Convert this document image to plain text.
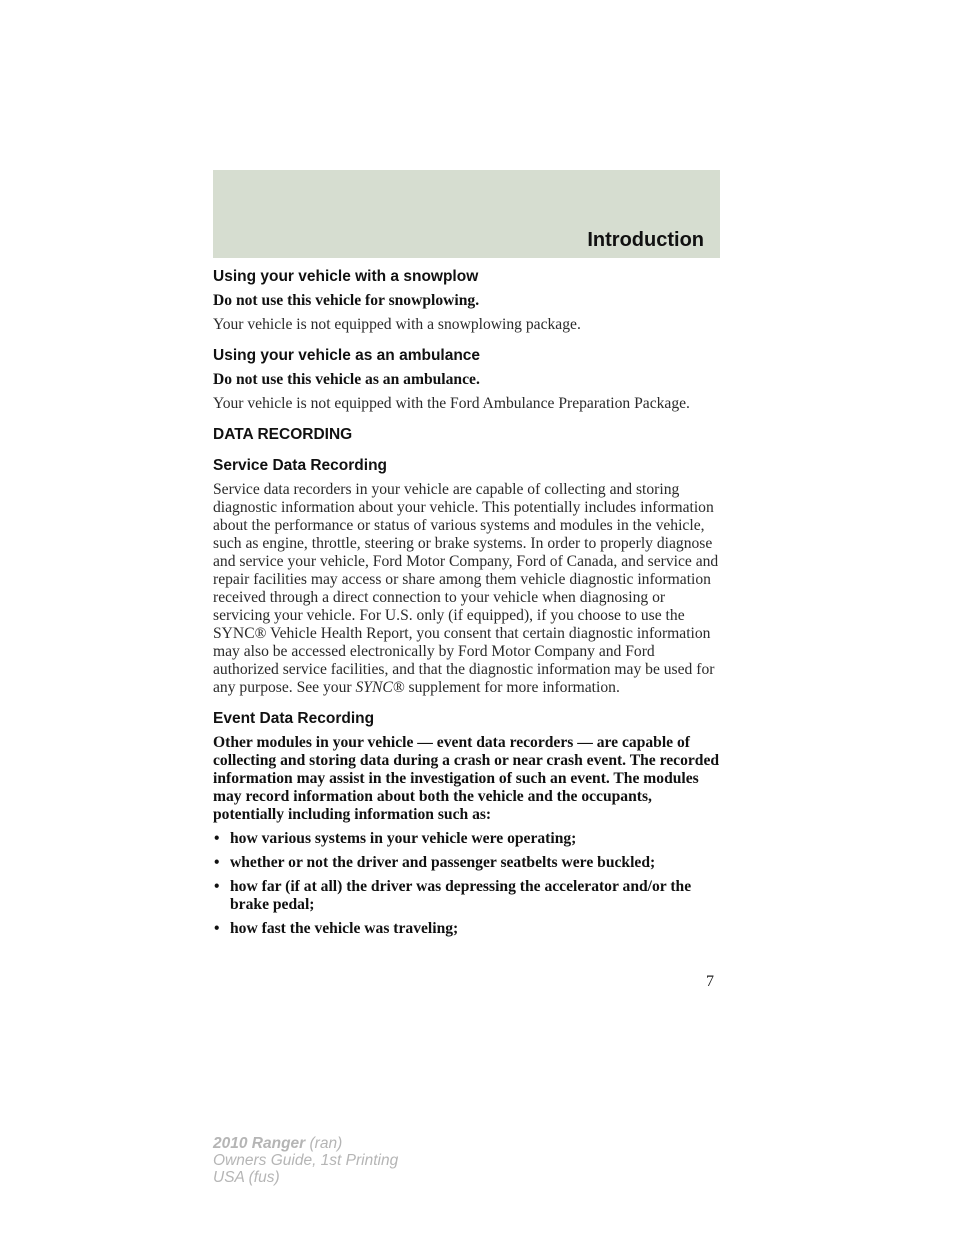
Introduction
Using your vehicle with a snowplow

Do not use this vehicle for snowplowing.

Your vehicle is not equipped with a snowplowing package.

Using your vehicle as an ambulance

Do not use this vehicle as an ambulance.

Your vehicle is not equipped with the Ford Ambulance Preparation Package.

DATA RECORDING
Service Data Recording

Service data recorders in your vehicle are capable of collecting and storing diagnostic information about your vehicle. This potentially includes information about the performance or status of various systems and modules in the vehicle, such as engine, throttle, steering or brake systems. In order to properly diagnose and service your vehicle, Ford Motor Company, Ford of Canada, and service and repair facilities may access or share among them vehicle diagnostic information received through a direct connection to your vehicle when diagnosing or servicing your vehicle. For U.S. only (if equipped), if you choose to use the SYNC® Vehicle Health Report, you consent that certain diagnostic information may also be accessed electronically by Ford Motor Company and Ford authorized service facilities, and that the diagnostic information may be used for any purpose. See your SYNC® supplement for more information.

Event Data Recording

Other modules in your vehicle — event data recorders — are capable of collecting and storing data during a crash or near crash event. The recorded information may assist in the investigation of such an event. The modules may record information about both the vehicle and the occupants, potentially including information such as:

• how various systems in your vehicle were operating;
• whether or not the driver and passenger seatbelts were buckled;
• how far (if at all) the driver was depressing the accelerator and/or the brake pedal;
• how fast the vehicle was traveling;

7

2010 Ranger (ran)
Owners Guide, 1st Printing
USA (fus)
